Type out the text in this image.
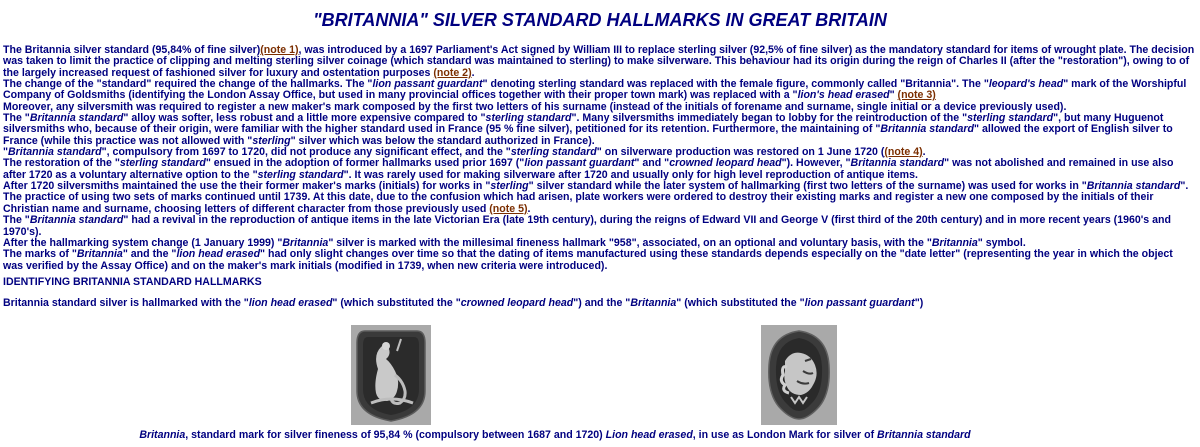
"BRITANNIA" SILVER STANDARD HALLMARKS IN GREAT BRITAIN

The Britannia silver standard (95,84% of fine silver)(note 1), was introduced by a 1697 Parliament's Act signed by William III to replace sterling silver (92,5% of fine silver) as the mandatory standard for items of wrought plate. The decision was taken to limit the practice of clipping and melting sterling silver coinage (which standard was maintained to sterling) to make silverware. This behaviour had its origin during the reign of Charles II (after the "restoration"), owing to of the largely increased request of fashioned silver for luxury and ostentation purposes (note 2).

The change of the "standard" required the change of the hallmarks. The "lion passant guardant" denoting sterling standard was replaced with the female figure, commonly called "Britannia". The "leopard's head" mark of the Worshipful Company of Goldsmiths (identifying the London Assay Office, but used in many provincial offices together with their proper town mark) was replaced with a "lion's head erased" (note 3)

Moreover, any silversmith was required to register a new maker's mark composed by the first two letters of his surname (instead of the initials of forename and surname, single initial or a device previously used).

The "Britannia standard" alloy was softer, less robust and a little more expensive compared to "sterling standard". Many silversmiths immediately began to lobby for the reintroduction of the "sterling standard", but many Huguenot silversmiths who, because of their origin, were familiar with the higher standard used in France (95 % fine silver), petitioned for its retention. Furthermore, the maintaining of "Britannia standard" allowed the export of English silver to France (while this practice was not allowed with "sterling" silver which was below the standard authorized in France).

"Britannia standard", compulsory from 1697 to 1720, did not produce any significant effect, and the "sterling standard" on silverware production was restored on 1 June 1720 ((note 4).

The restoration of the "sterling standard" ensued in the adoption of former hallmarks used prior 1697 ("lion passant guardant" and "crowned leopard head"). However, "Britannia standard" was not abolished and remained in use also after 1720 as a voluntary alternative option to the "sterling standard". It was rarely used for making silverware after 1720 and usually only for high level reproduction of antique items.

After 1720 silversmiths maintained the use the their former maker's marks (initials) for works in "sterling" silver standard while the later system of hallmarking (first two letters of the surname) was used for works in "Britannia standard".

The practice of using two sets of marks continued until 1739. At this date, due to the confusion which had arisen, plate workers were ordered to destroy their existing marks and register a new one composed by the initials of their Christian name and surname, choosing letters of different character from those previously used (note 5).

The "Britannia standard" had a revival in the reproduction of antique items in the late Victorian Era (late 19th century), during the reigns of Edward VII and George V (first third of the 20th century) and in more recent years (1960's and 1970's).

After the hallmarking system change (1 January 1999) "Britannia" silver is marked with the millesimal fineness hallmark "958", associated, on an optional and voluntary basis, with the "Britannia" symbol.

The marks of "Britannia" and the "lion head erased" had only slight changes over time so that the dating of items manufactured using these standards depends especially on the "date letter" (representing the year in which the object was verified by the Assay Office) and on the maker's mark initials (modified in 1739, when new criteria were introduced).

IDENTIFYING BRITANNIA STANDARD HALLMARKS

Britannia standard silver is hallmarked with the "lion head erased" (which substituted the "crowned leopard head") and the "Britannia" (which substituted the "lion passant guardant")

Britannia, standard mark for silver fineness of 95,84 % (compulsory between 1687 and 1720) Lion head erased, in use as London Mark for silver of Britannia standard
